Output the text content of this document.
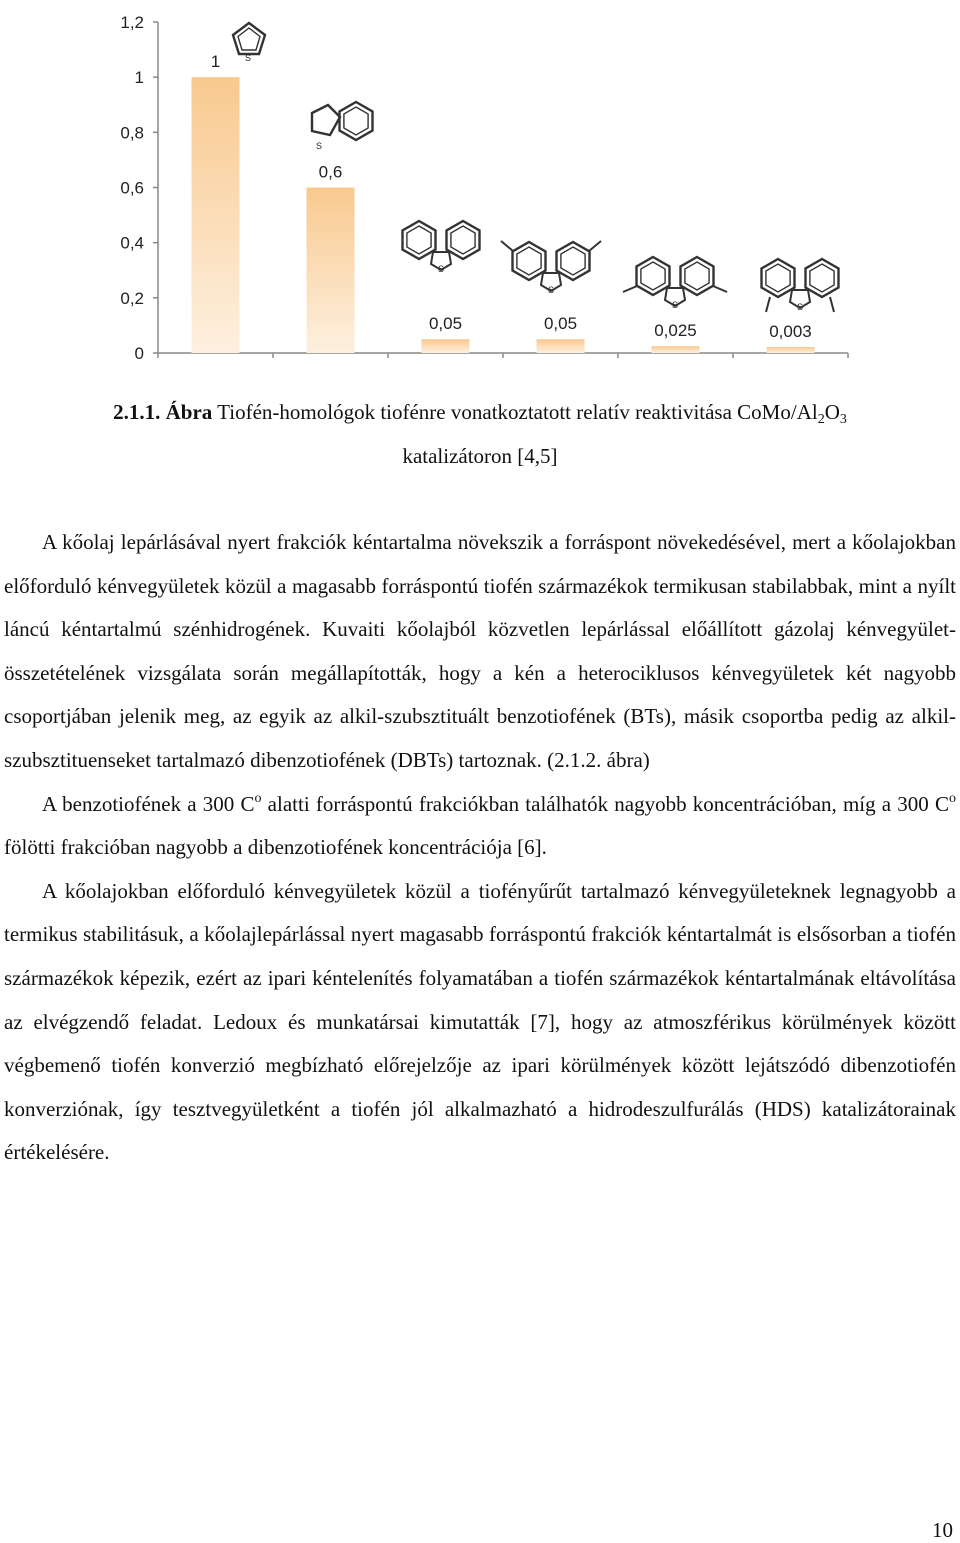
0
0,2
0,4
0,6
0,8
1
1,2
1
0,6
0,05	0,05	0,025	0,003
S
S
S
S
S	S
2.1.1. Ábra Tiofén-homológok tiofénre vonatkoztatott relatív reaktivitása CoMo/$Al_2O_3$
katalizátoron [4,5]

A kőolaj lepárlásával nyert frakciók kéntartalma növekszik a forráspont növekedésével, mert a kőolajokban előforduló kénvegyületek közül a magasabb forráspontú tiofén származékok termikusan stabilabbak, mint a nyílt láncú kéntartalmú szénhidrogének. Kuvaiti kőolajból közvetlen lepárlással előállított gázolaj kénvegyület-összetételének vizsgálata során megállapították, hogy a kén a heterociklusos kénvegyületek két nagyobb csoportjában jelenik meg, az egyik az alkil-szubsztituált benzotiofének (BTs), másik csoportba pedig az alkil-szubsztituenseket tartalmazó dibenzotiofének (DBTs) tartoznak. (2.1.2. ábra)

A benzotiofének a 300 $C^o$ alatti forráspontú frakciókban találhatók nagyobb koncentrációban, míg a 300 $C^o$ fölötti frakcióban nagyobb a dibenzotiofének koncentrációja [6].

A kőolajokban előforduló kénvegyületek közül a tiofényűrűt tartalmazó kénvegyületeknek legnagyobb a termikus stabilitásuk, a kőolajlepárlással nyert magasabb forráspontú frakciók kéntartalmát is elsősorban a tiofén származékok képezik, ezért az ipari kéntelenítés folyamatában a tiofén származékok kéntartalmának eltávolítása az elvégzendő feladat. Ledoux és munkatársai kimutatták [7], hogy az atmoszférikus körülmények között végbemenő tiofén konverzió megbízható előrejelzője az ipari körülmények között lejátszódó dibenzotiofén konverziónak, így tesztvegyületként a tiofén jól alkalmazható a hidrodeszulfurálás (HDS) katalizátorainak értékelésére.

10
